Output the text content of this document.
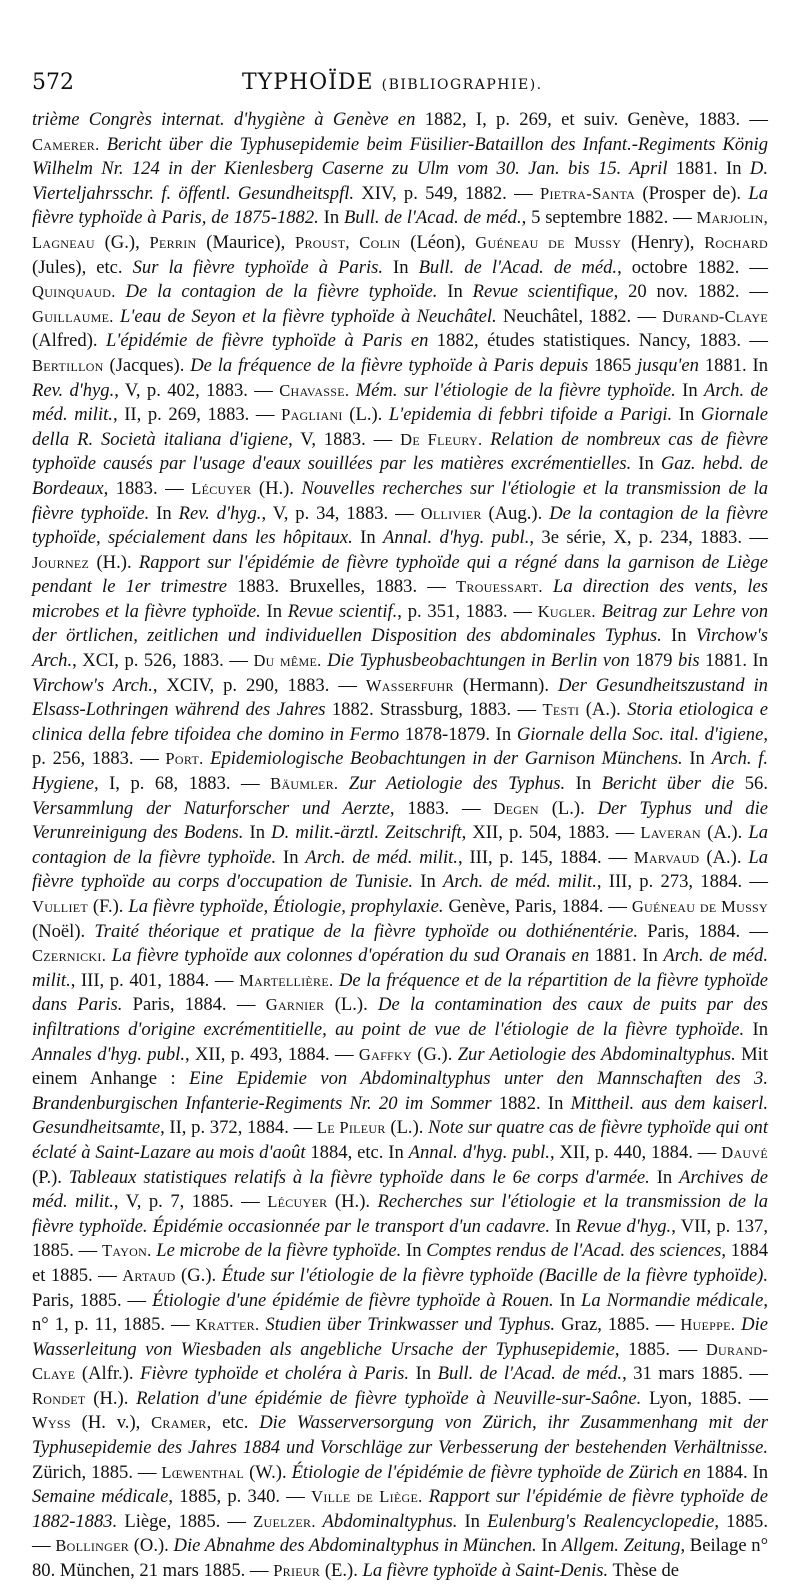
572	TYPHOÏDE (BIBLIOGRAPHIE).

trième Congrès internat. d'hygiène à Genève en 1882, I, p. 269, et suiv. Genève, 1883. — Camerer. Bericht über die Typhusepidemie beim Füsilier-Bataillon des Infant.-Regiments König Wilhelm Nr. 124 in der Kienlesberg Caserne zu Ulm vom 30. Jan. bis 15. April 1881. In D. Vierteljahrsschr. f. öffentl. Gesundheitspfl. XIV, p. 549, 1882. — Pietra-Santa (Prosper de). La fièvre typhoïde à Paris, de 1875-1882. In Bull. de l'Acad. de méd., 5 septembre 1882. — Marjolin, Lagneau (G.), Perrin (Maurice), Proust, Colin (Léon), Guéneau de Mussy (Henry), Rochard (Jules), etc. Sur la fièvre typhoïde à Paris. In Bull. de l'Acad. de méd., octobre 1882. — Quinquaud. De la contagion de la fièvre typhoïde. In Revue scientifique, 20 nov. 1882. — Guillaume. L'eau de Seyon et la fièvre typhoïde à Neuchâtel. Neuchâtel, 1882. — Durand-Claye (Alfred). L'épidémie de fièvre typhoïde à Paris en 1882, études statistiques. Nancy, 1883. — Bertillon (Jacques). De la fréquence de la fièvre typhoïde à Paris depuis 1865 jusqu'en 1881. In Rev. d'hyg., V, p. 402, 1883. — Chavasse. Mém. sur l'étiologie de la fièvre typhoïde. In Arch. de méd. milit., II, p. 269, 1883. — Pagliani (L.). L'epidemia di febbri tifoide a Parigi. In Giornale della R. Società italiana d'igiene, V, 1883. — De Fleury. Relation de nombreux cas de fièvre typhoïde causés par l'usage d'eaux souillées par les matières excrémentielles. In Gaz. hebd. de Bordeaux, 1883. — Lécuyer (H.). Nouvelles recherches sur l'étiologie et la transmission de la fièvre typhoïde. In Rev. d'hyg., V, p. 34, 1883. — Ollivier (Aug.). De la contagion de la fièvre typhoïde, spécialement dans les hôpitaux. In Annal. d'hyg. publ., 3e série, X, p. 234, 1883. — Journez (H.). Rapport sur l'épidémie de fièvre typhoïde qui a régné dans la garnison de Liège pendant le 1er trimestre 1883. Bruxelles, 1883. — Trouessart. La direction des vents, les microbes et la fièvre typhoïde. In Revue scientif., p. 351, 1883. — Kugler. Beitrag zur Lehre von der örtlichen, zeitlichen und individuellen Disposition des abdominales Typhus. In Virchow's Arch., XCI, p. 526, 1883. — Du même. Die Typhusbeobachtungen in Berlin von 1879 bis 1881. In Virchow's Arch., XCIV, p. 290, 1883. — Wasserfuhr (Hermann). Der Gesundheitszustand in Elsass-Lothringen während des Jahres 1882. Strassburg, 1883. — Testi (A.). Storia etiologica e clinica della febre tifoidea che domino in Fermo 1878-1879. In Giornale della Soc. ital. d'igiene, p. 256, 1883. — Port. Epidemiologische Beobachtungen in der Garnison Münchens. In Arch. f. Hygiene, I, p. 68, 1883. — Bäumler. Zur Aetiologie des Typhus. In Bericht über die 56. Versammlung der Naturforscher und Aerzte, 1883. — Degen (L.). Der Typhus und die Verunreinigung des Bodens. In D. milit.-ärztl. Zeitschrift, XII, p. 504, 1883. — Laveran (A.). La contagion de la fièvre typhoïde. In Arch. de méd. milit., III, p. 145, 1884. — Marvaud (A.). La fièvre typhoïde au corps d'occupation de Tunisie. In Arch. de méd. milit., III, p. 273, 1884. — Vulliet (F.). La fièvre typhoïde, Étiologie, prophylaxie. Genève, Paris, 1884. — Guéneau de Mussy (Noël). Traité théorique et pratique de la fièvre typhoïde ou dothiénentérie. Paris, 1884. — Czernicki. La fièvre typhoïde aux colonnes d'opération du sud Oranais en 1881. In Arch. de méd. milit., III, p. 401, 1884. — Martellière. De la fréquence et de la répartition de la fièvre typhoïde dans Paris. Paris, 1884. — Garnier (L.). De la contamination des caux de puits par des infiltrations d'origine excrémentitielle, au point de vue de l'étiologie de la fièvre typhoïde. In Annales d'hyg. publ., XII, p. 493, 1884. — Gaffky (G.). Zur Aetiologie des Abdominaltyphus. Mit einem Anhange : Eine Epidemie von Abdominaltyphus unter den Mannschaften des 3. Brandenburgischen Infanterie-Regiments Nr. 20 im Sommer 1882. In Mittheil. aus dem kaiserl. Gesundheitsamte, II, p. 372, 1884. — Le Pileur (L.). Note sur quatre cas de fièvre typhoïde qui ont éclaté à Saint-Lazare au mois d'août 1884, etc. In Annal. d'hyg. publ., XII, p. 440, 1884. — Dauvé (P.). Tableaux statistiques relatifs à la fièvre typhoïde dans le 6e corps d'armée. In Archives de méd. milit., V, p. 7, 1885. — Lécuyer (H.). Recherches sur l'étiologie et la transmission de la fièvre typhoïde. Épidémie occasionnée par le transport d'un cadavre. In Revue d'hyg., VII, p. 137, 1885. — Tayon. Le microbe de la fièvre typhoïde. In Comptes rendus de l'Acad. des sciences, 1884 et 1885. — Artaud (G.). Étude sur l'étiologie de la fièvre typhoïde (Bacille de la fièvre typhoïde). Paris, 1885. — Étiologie d'une épidémie de fièvre typhoïde à Rouen. In La Normandie médicale, n° 1, p. 11, 1885. — Kratter. Studien über Trinkwasser und Typhus. Graz, 1885. — Hueppe. Die Wasserleitung von Wiesbaden als angebliche Ursache der Typhusepidemie, 1885. — Durand-Claye (Alfr.). Fièvre typhoïde et choléra à Paris. In Bull. de l'Acad. de méd., 31 mars 1885. — Rondet (H.). Relation d'une épidémie de fièvre typhoïde à Neuville-sur-Saône. Lyon, 1885. — Wyss (H. v.), Cramer, etc. Die Wasserversorgung von Zürich, ihr Zusammenhang mit der Typhusepidemie des Jahres 1884 und Vorschläge zur Verbesserung der bestehenden Verhältnisse. Zürich, 1885. — Lœwenthal (W.). Étiologie de l'épidémie de fièvre typhoïde de Zürich en 1884. In Semaine médicale, 1885, p. 340. — Ville de Liège. Rapport sur l'épidémie de fièvre typhoïde de 1882-1883. Liège, 1885. — Zuelzer. Abdominaltyphus. In Eulenburg's Realencyclopedie, 1885. — Bollinger (O.). Die Abnahme des Abdominaltyphus in München. In Allgem. Zeitung, Beilage n° 80. München, 21 mars 1885. — Prieur (E.). La fièvre typhoïde à Saint-Denis. Thèse de
